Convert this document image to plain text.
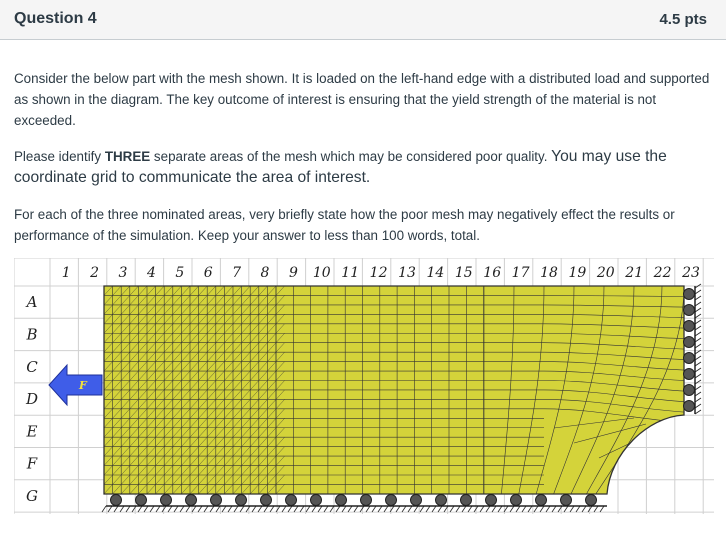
Question 4	4.5 pts

Consider the below part with the mesh shown. It is loaded on the left-hand edge with a distributed load and supported as shown in the diagram. The key outcome of interest is ensuring that the yield strength of the material is not exceeded.

Please identify THREE separate areas of the mesh which may be considered poor quality. You may use the coordinate grid to communicate the area of interest.

For each of the three nominated areas, very briefly state how the poor mesh may negatively effect the results or performance of the simulation. Keep your answer to less than 100 words, total.

1 2 3 4 5 6 7 8 9 10 11 12 13 14 15 16 17 18 19 20 21 22 23
A
B
C
D
E
F
G
F
